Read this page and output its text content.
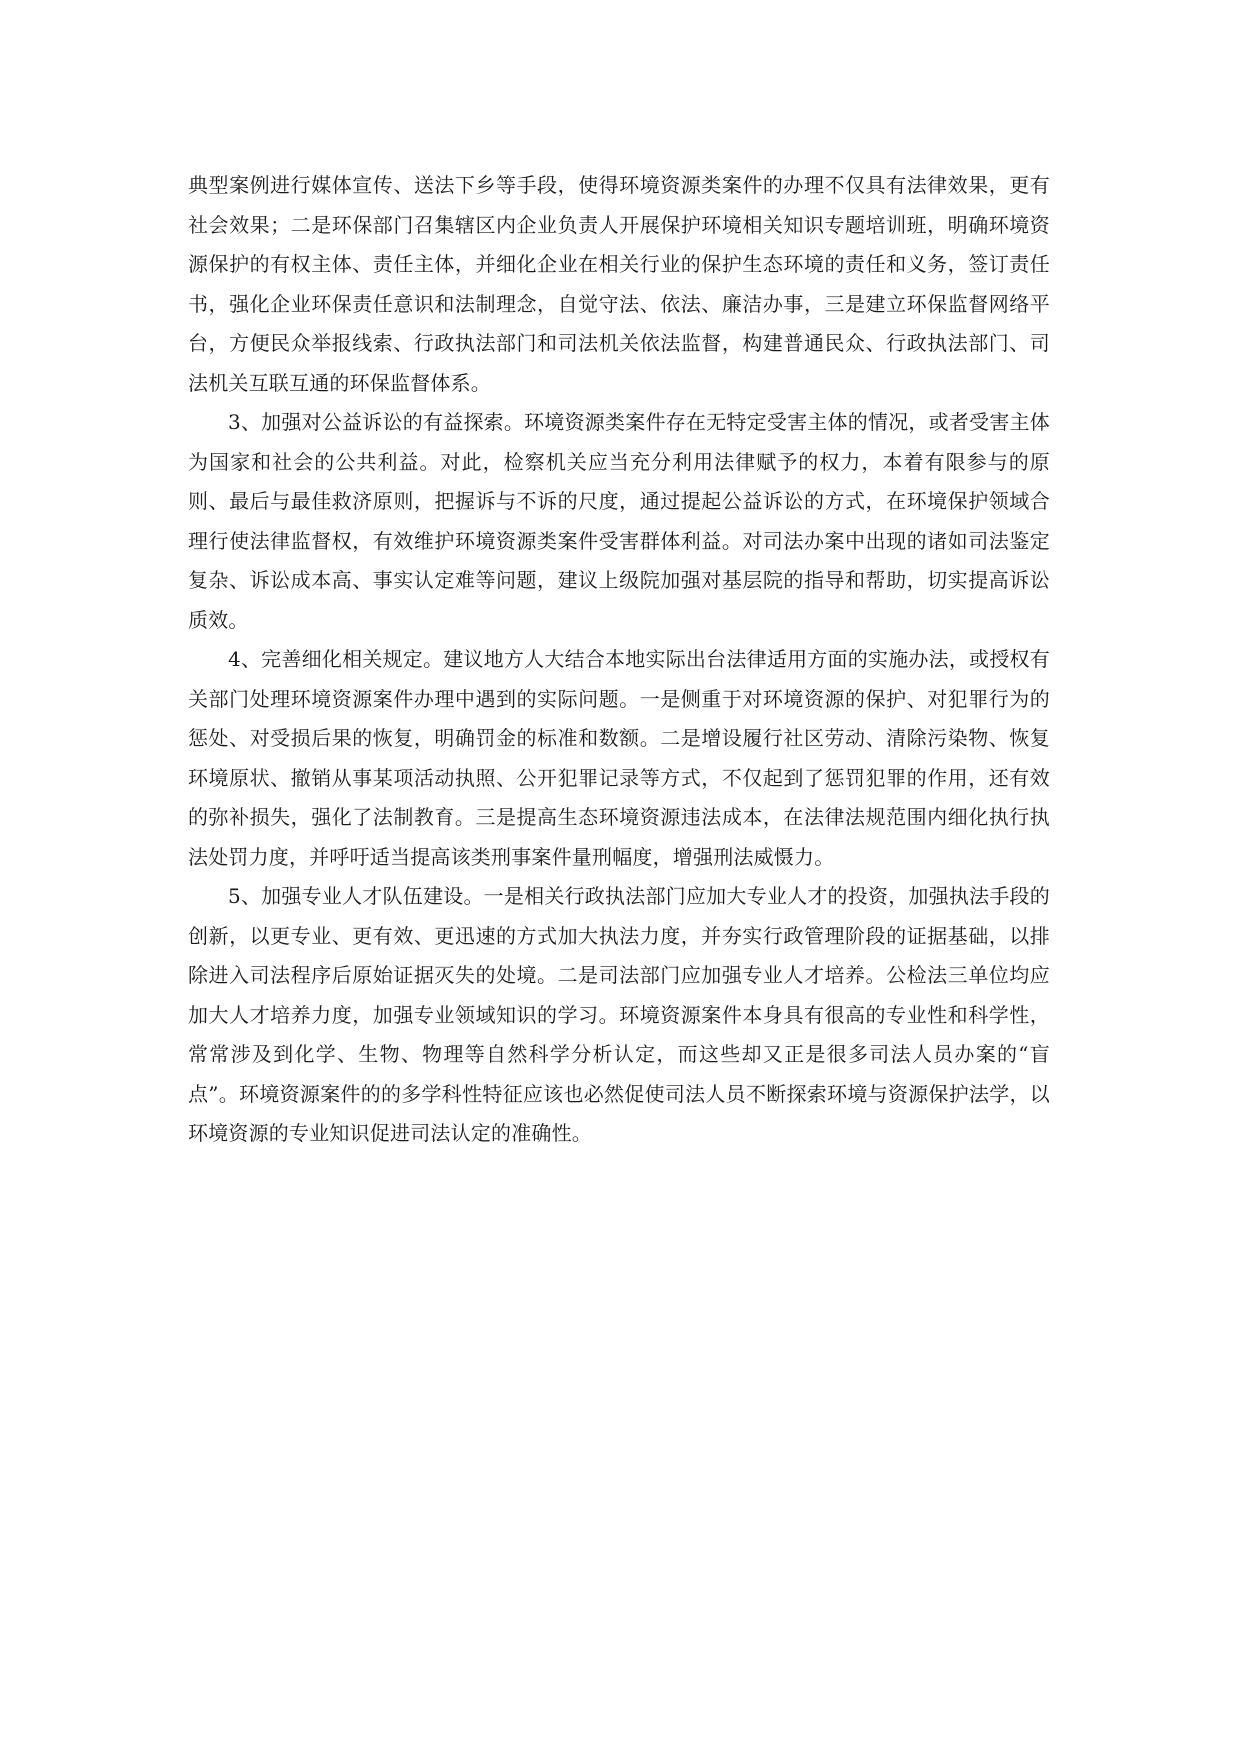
典型案例进行媒体宣传、送法下乡等手段，使得环境资源类案件的办理不仅具有法律效果，更有社会效果；二是环保部门召集辖区内企业负责人开展保护环境相关知识专题培训班，明确环境资源保护的有权主体、责任主体，并细化企业在相关行业的保护生态环境的责任和义务，签订责任书，强化企业环保责任意识和法制理念，自觉守法、依法、廉洁办事，三是建立环保监督网络平台，方便民众举报线索、行政执法部门和司法机关依法监督，构建普通民众、行政执法部门、司法机关互联互通的环保监督体系。

3、加强对公益诉讼的有益探索。环境资源类案件存在无特定受害主体的情况，或者受害主体为国家和社会的公共利益。对此，检察机关应当充分利用法律赋予的权力，本着有限参与的原则、最后与最佳救济原则，把握诉与不诉的尺度，通过提起公益诉讼的方式，在环境保护领域合理行使法律监督权，有效维护环境资源类案件受害群体利益。对司法办案中出现的诸如司法鉴定复杂、诉讼成本高、事实认定难等问题，建议上级院加强对基层院的指导和帮助，切实提高诉讼质效。

4、完善细化相关规定。建议地方人大结合本地实际出台法律适用方面的实施办法，或授权有关部门处理环境资源案件办理中遇到的实际问题。一是侧重于对环境资源的保护、对犯罪行为的惩处、对受损后果的恢复，明确罚金的标准和数额。二是增设履行社区劳动、清除污染物、恢复环境原状、撤销从事某项活动执照、公开犯罪记录等方式，不仅起到了惩罚犯罪的作用，还有效的弥补损失，强化了法制教育。三是提高生态环境资源违法成本，在法律法规范围内细化执行执法处罚力度，并呼吁适当提高该类刑事案件量刑幅度，增强刑法威慑力。

5、加强专业人才队伍建设。一是相关行政执法部门应加大专业人才的投资，加强执法手段的创新，以更专业、更有效、更迅速的方式加大执法力度，并夯实行政管理阶段的证据基础，以排除进入司法程序后原始证据灭失的处境。二是司法部门应加强专业人才培养。公检法三单位均应加大人才培养力度，加强专业领域知识的学习。环境资源案件本身具有很高的专业性和科学性，常常涉及到化学、生物、物理等自然科学分析认定，而这些却又正是很多司法人员办案的“盲点”。环境资源案件的的多学科性特征应该也必然促使司法人员不断探索环境与资源保护法学，以环境资源的专业知识促进司法认定的准确性。
